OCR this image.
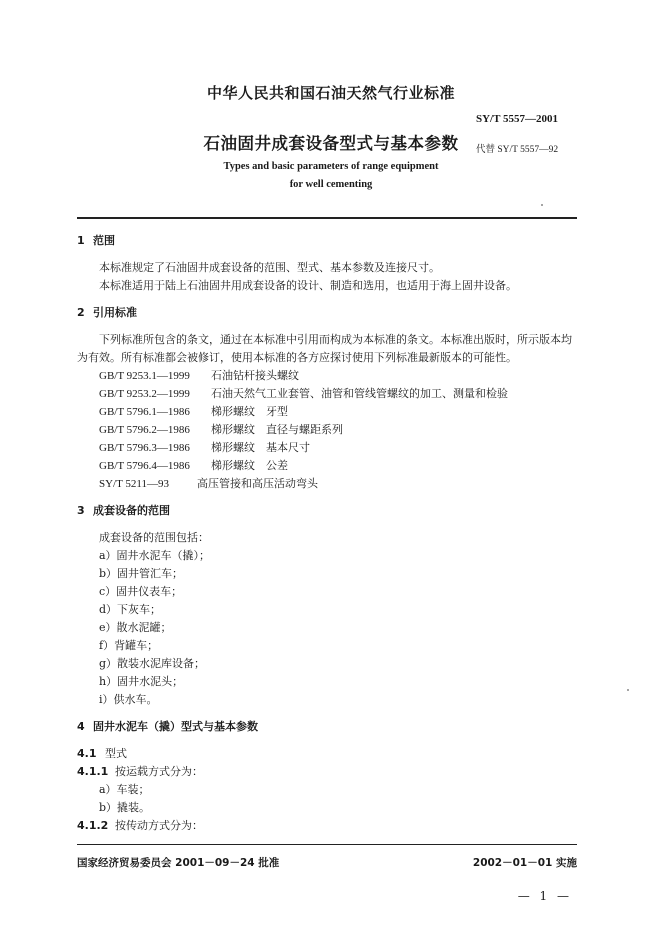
中华人民共和国石油天然气行业标准
SY/T 5557—2001
石油固井成套设备型式与基本参数	代替 SY/T 5557—92
Types and basic parameters of range equipment
for well cementing
1 范围
本标准规定了石油固井成套设备的范围、型式、基本参数及连接尺寸。
本标准适用于陆上石油固井用成套设备的设计、制造和选用，也适用于海上固井设备。
2 引用标准
下列标准所包含的条文，通过在本标准中引用而构成为本标准的条文。本标准出版时，所示版本均为有效。所有标准都会被修订，使用本标准的各方应探讨使用下列标准最新版本的可能性。
GB/T 9253.1—1999 石油钻杆接头螺纹
GB/T 9253.2—1999 石油天然气工业套管、油管和管线管螺纹的加工、测量和检验
GB/T 5796.1—1986 梯形螺纹　牙型
GB/T 5796.2—1986 梯形螺纹　直径与螺距系列
GB/T 5796.3—1986 梯形螺纹　基本尺寸
GB/T 5796.4—1986 梯形螺纹　公差
SY/T 5211—93	高压管接和高压活动弯头
3 成套设备的范围
成套设备的范围包括：
a）固井水泥车（撬）；
b）固井管汇车；
c）固井仪表车；
d）下灰车；
e）散水泥罐；
f）背罐车；
g）散装水泥库设备；
h）固井水泥头；
i）供水车。
4 固井水泥车（撬）型式与基本参数
4.1 型式
4.1.1 按运载方式分为：
a）车装；
b）撬装。
4.1.2 按传动方式分为：
国家经济贸易委员会 2001－09－24 批准	2002－01－01 实施
— 1 —
